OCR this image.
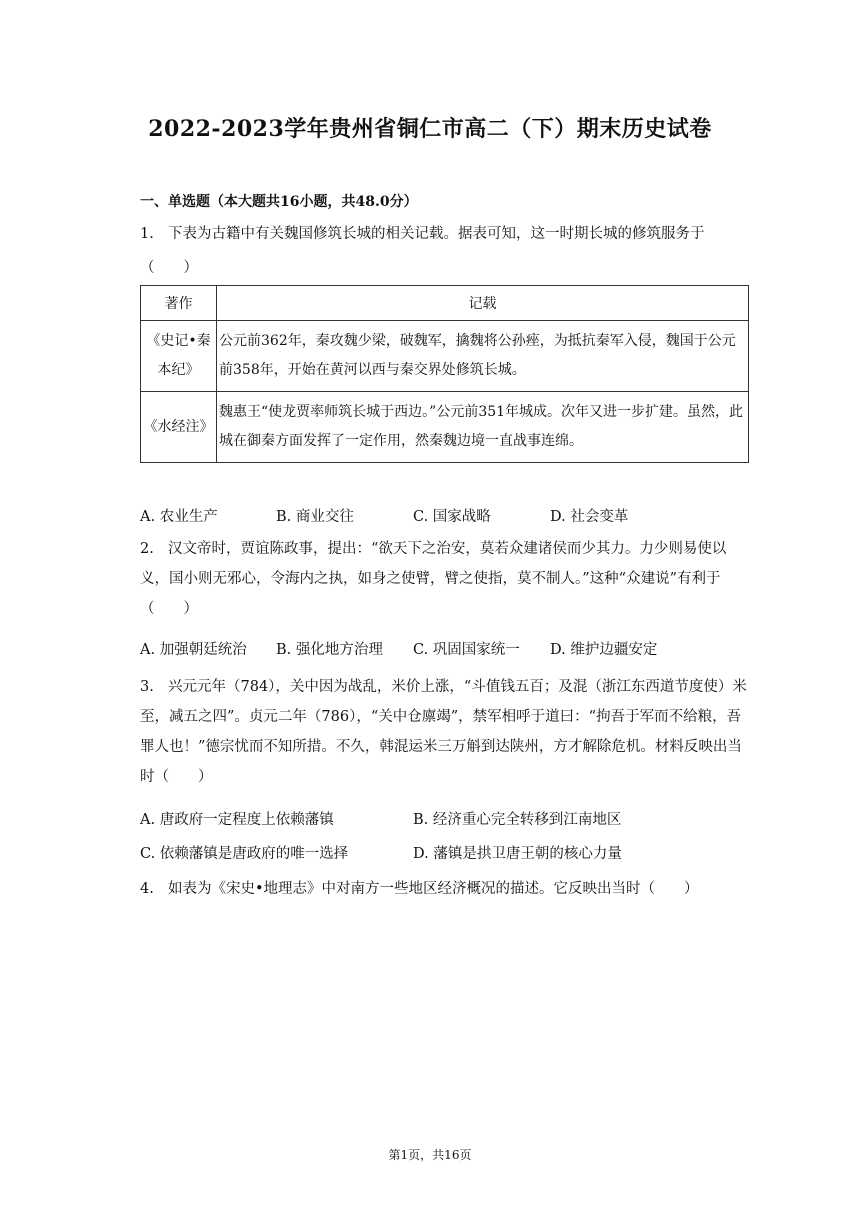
2022-2023学年贵州省铜仁市高二（下）期末历史试卷
一、单选题（本大题共16小题，共48.0分）
1. 下表为古籍中有关魏国修筑长城的相关记载。据表可知，这一时期长城的修筑服务于
（　　）
著作	记载
《史记•秦本纪》	公元前362年，秦攻魏少梁，破魏军，擒魏将公孙痤，为抵抗秦军入侵，魏国于公元前358年，开始在黄河以西与秦交界处修筑长城。
《水经注》	魏惠王“使龙贾率师筑长城于西边。”公元前351年城成。次年又进一步扩建。虽然，此城在御秦方面发挥了一定作用，然秦魏边境一直战事连绵。
A. 农业生产	B. 商业交往	C. 国家战略	D. 社会变革
2. 汉文帝时，贾谊陈政事，提出：“欲天下之治安，莫若众建诸侯而少其力。力少则易使以义，国小则无邪心，令海内之执，如身之使臂，臂之使指，莫不制人。”这种“众建说”有利于（　　）
A. 加强朝廷统治 B. 强化地方治理 C. 巩固国家统一 D. 维护边疆安定
3. 兴元元年（784），关中因为战乱，米价上涨，“斗值钱五百；及混（浙江东西道节度使）米至，减五之四”。贞元二年（786），“关中仓廪竭”，禁军相呼于道曰：“拘吾于军而不给粮，吾罪人也！”德宗忧而不知所措。不久，韩混运米三万斛到达陕州，方才解除危机。材料反映出当时（　　）
A. 唐政府一定程度上依赖藩镇	B. 经济重心完全转移到江南地区
C. 依赖藩镇是唐政府的唯一选择	D. 藩镇是拱卫唐王朝的核心力量
4. 如表为《宋史•地理志》中对南方一些地区经济概况的描述。它反映出当时（　　）
第1页，共16页
